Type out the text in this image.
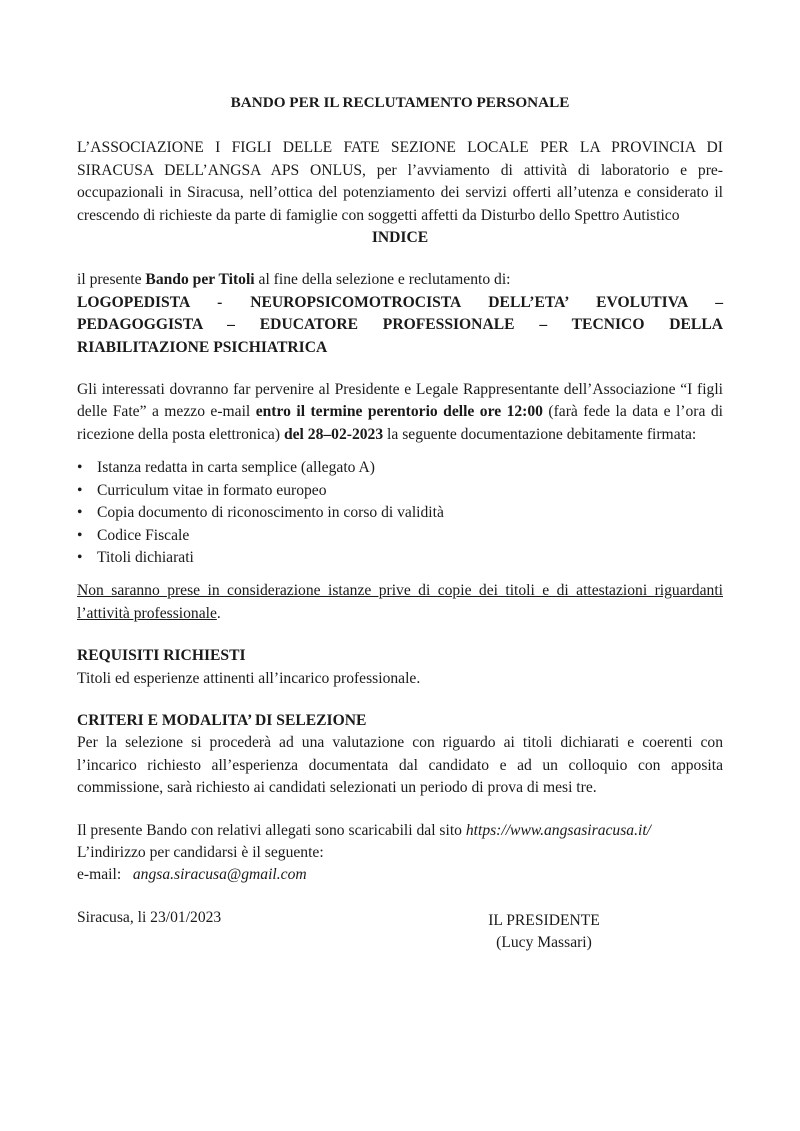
BANDO PER IL RECLUTAMENTO PERSONALE

L’ASSOCIAZIONE I FIGLI DELLE FATE SEZIONE LOCALE PER LA PROVINCIA DI SIRACUSA DELL’ANGSA APS ONLUS, per l’avviamento di attività di laboratorio e pre-occupazionali in Siracusa, nell’ottica del potenziamento dei servizi offerti all’utenza e considerato il crescendo di richieste da parte di famiglie con soggetti affetti da Disturbo dello Spettro Autistico

INDICE

il presente Bando per Titoli al fine della selezione e reclutamento di:

LOGOPEDISTA - NEUROPSICOMOTROCISTA DELL’ETA’ EVOLUTIVA – PEDAGOGGISTA – EDUCATORE PROFESSIONALE – TECNICO DELLA RIABILITAZIONE PSICHIATRICA

Gli interessati dovranno far pervenire al Presidente e Legale Rappresentante dell’Associazione “I figli delle Fate” a mezzo e-mail entro il termine perentorio delle ore 12:00 (farà fede la data e l’ora di ricezione della posta elettronica) del 28–02-2023 la seguente documentazione debitamente firmata:

• Istanza redatta in carta semplice (allegato A)
• Curriculum vitae in formato europeo
• Copia documento di riconoscimento in corso di validità
• Codice Fiscale
• Titoli dichiarati

Non saranno prese in considerazione istanze prive di copie dei titoli e di attestazioni riguardanti l’attività professionale.

REQUISITI RICHIESTI

Titoli ed esperienze attinenti all’incarico professionale.

CRITERI E MODALITA’ DI SELEZIONE

Per la selezione si procederà ad una valutazione con riguardo ai titoli dichiarati e coerenti con l’incarico richiesto all’esperienza documentata dal candidato e ad un colloquio con apposita commissione, sarà richiesto ai candidati selezionati un periodo di prova di mesi tre.

Il presente Bando con relativi allegati sono scaricabili dal sito https://www.angsasiracusa.it/

L’indirizzo per candidarsi è il seguente:

e-mail: angsa.siracusa@gmail.com

Siracusa, li 23/01/2023	IL PRESIDENTE
(Lucy Massari)
